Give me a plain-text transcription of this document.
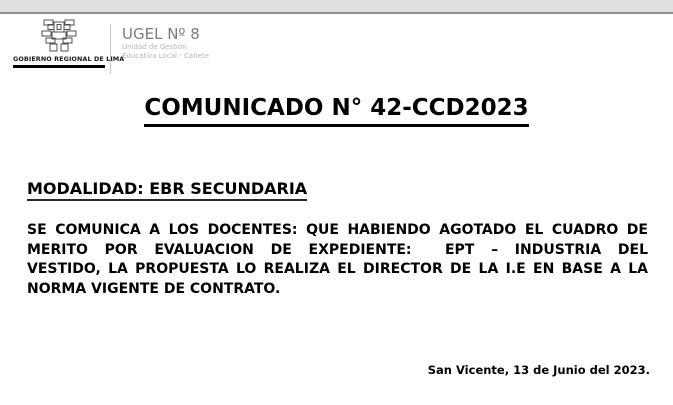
GOBIERNO REGIONAL DE LIMA
UGEL Nº 8
Unidad de Gestión
Educativa Local - Cañete
COMUNICADO N° 42-CCD2023
MODALIDAD: EBR SECUNDARIA
SE COMUNICA A LOS DOCENTES: QUE HABIENDO AGOTADO EL CUADRO DE
MERITO POR EVALUACION DE EXPEDIENTE:  EPT – INDUSTRIA DEL
VESTIDO, LA PROPUESTA LO REALIZA EL DIRECTOR DE LA I.E EN BASE A LA
NORMA VIGENTE DE CONTRATO.
San Vicente, 13 de Junio del 2023.
